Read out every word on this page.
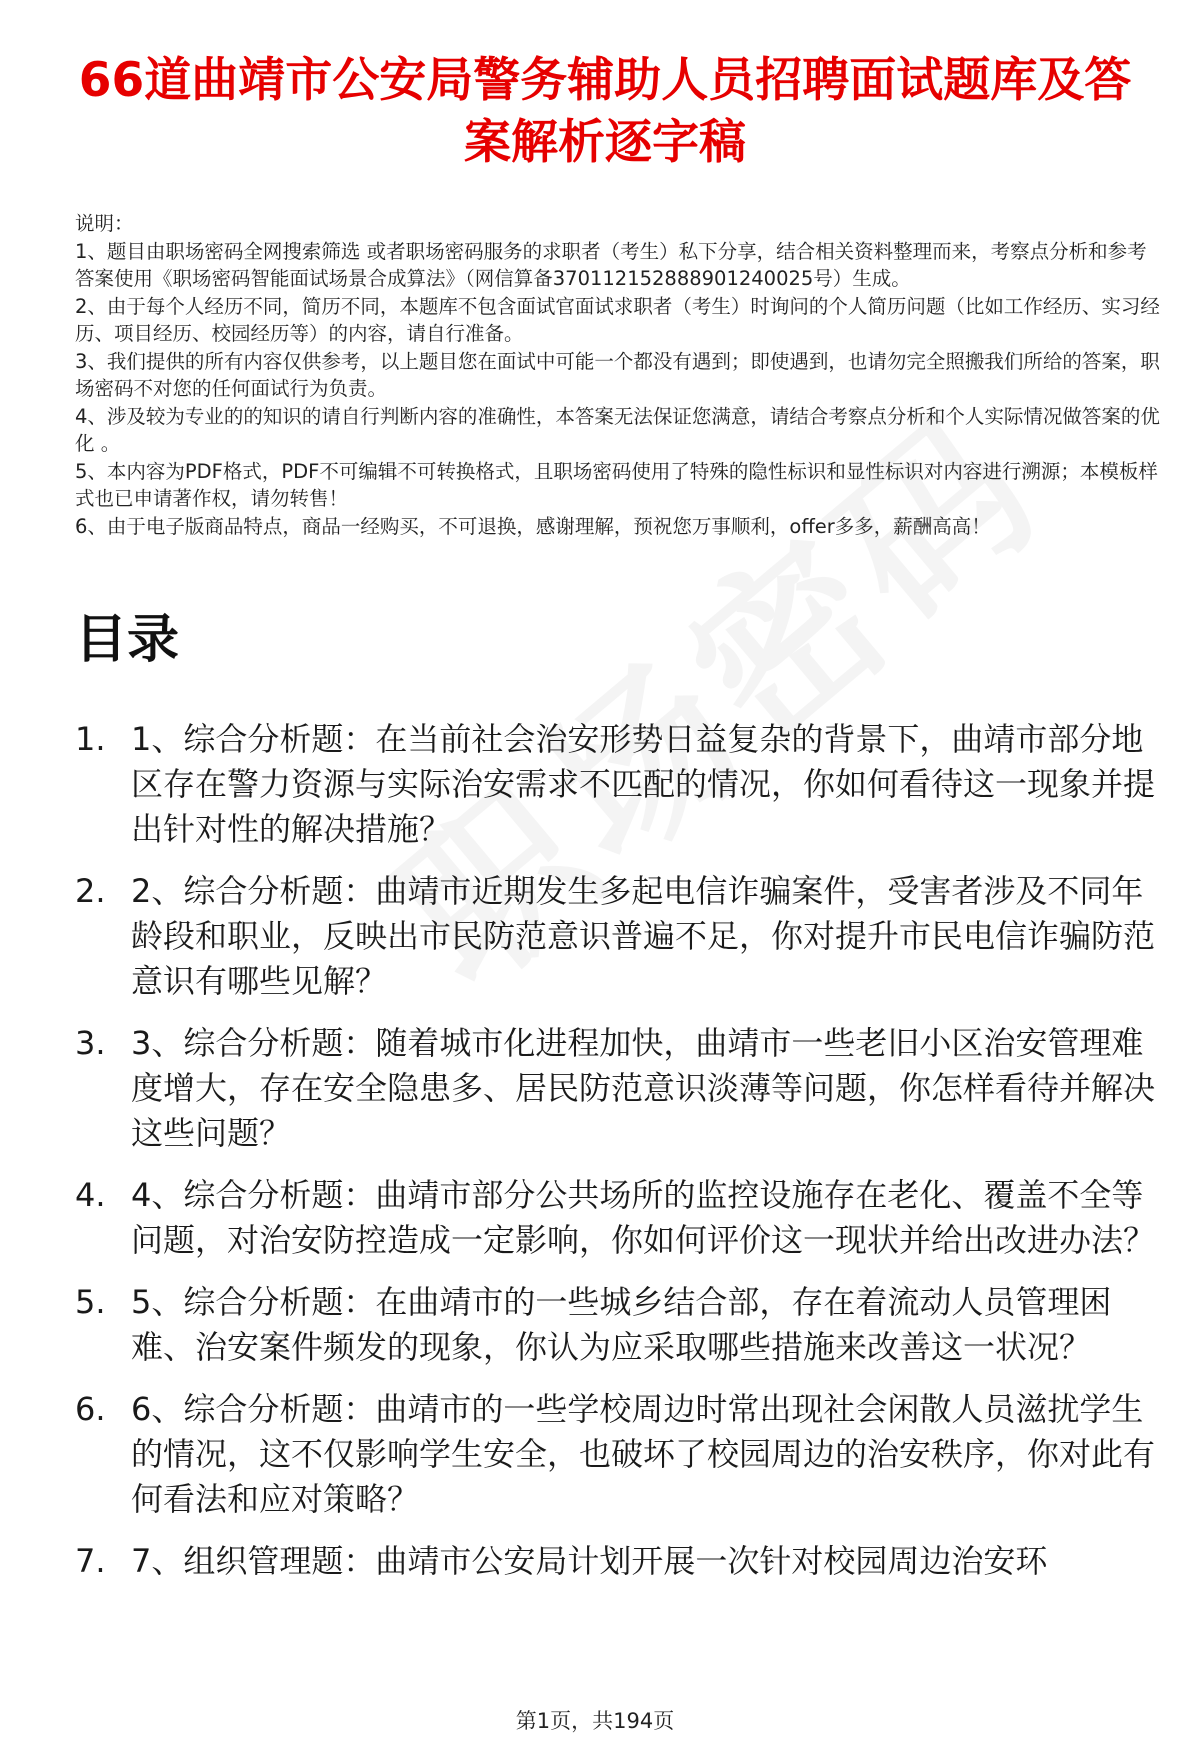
66道曲靖市公安局警务辅助人员招聘面试题库及答案解析逐字稿

说明：

1、题目由职场密码全网搜索筛选 或者职场密码服务的求职者（考生）私下分享，结合相关资料整理而来，考察点分析和参考答案使用《职场密码智能面试场景合成算法》（网信算备370112152888901240025号）生成。

2、由于每个人经历不同，简历不同，本题库不包含面试官面试求职者（考生）时询问的个人简历问题（比如工作经历、实习经历、项目经历、校园经历等）的内容，请自行准备。

3、我们提供的所有内容仅供参考，以上题目您在面试中可能一个都没有遇到；即使遇到，也请勿完全照搬我们所给的答案，职场密码不对您的任何面试行为负责。

4、涉及较为专业的的知识的请自行判断内容的准确性，本答案无法保证您满意，请结合考察点分析和个人实际情况做答案的优化 。

5、本内容为PDF格式，PDF不可编辑不可转换格式，且职场密码使用了特殊的隐性标识和显性标识对内容进行溯源；本模板样式也已申请著作权，请勿转售！

6、由于电子版商品特点，商品一经购买，不可退换，感谢理解，预祝您万事顺利，offer多多，薪酬高高！

目录
1. 1、综合分析题：在当前社会治安形势日益复杂的背景下，曲靖市部分地区存在警力资源与实际治安需求不匹配的情况，你如何看待这一现象并提出针对性的解决措施？
2. 2、综合分析题：曲靖市近期发生多起电信诈骗案件，受害者涉及不同年龄段和职业，反映出市民防范意识普遍不足，你对提升市民电信诈骗防范意识有哪些见解？
3. 3、综合分析题：随着城市化进程加快，曲靖市一些老旧小区治安管理难度增大，存在安全隐患多、居民防范意识淡薄等问题，你怎样看待并解决这些问题？
4. 4、综合分析题：曲靖市部分公共场所的监控设施存在老化、覆盖不全等问题，对治安防控造成一定影响，你如何评价这一现状并给出改进办法？
5. 5、综合分析题：在曲靖市的一些城乡结合部，存在着流动人员管理困难、治安案件频发的现象，你认为应采取哪些措施来改善这一状况？
6. 6、综合分析题：曲靖市的一些学校周边时常出现社会闲散人员滋扰学生的情况，这不仅影响学生安全，也破坏了校园周边的治安秩序，你对此有何看法和应对策略？
7. 7、组织管理题：曲靖市公安局计划开展一次针对校园周边治安环
第1页，共194页
